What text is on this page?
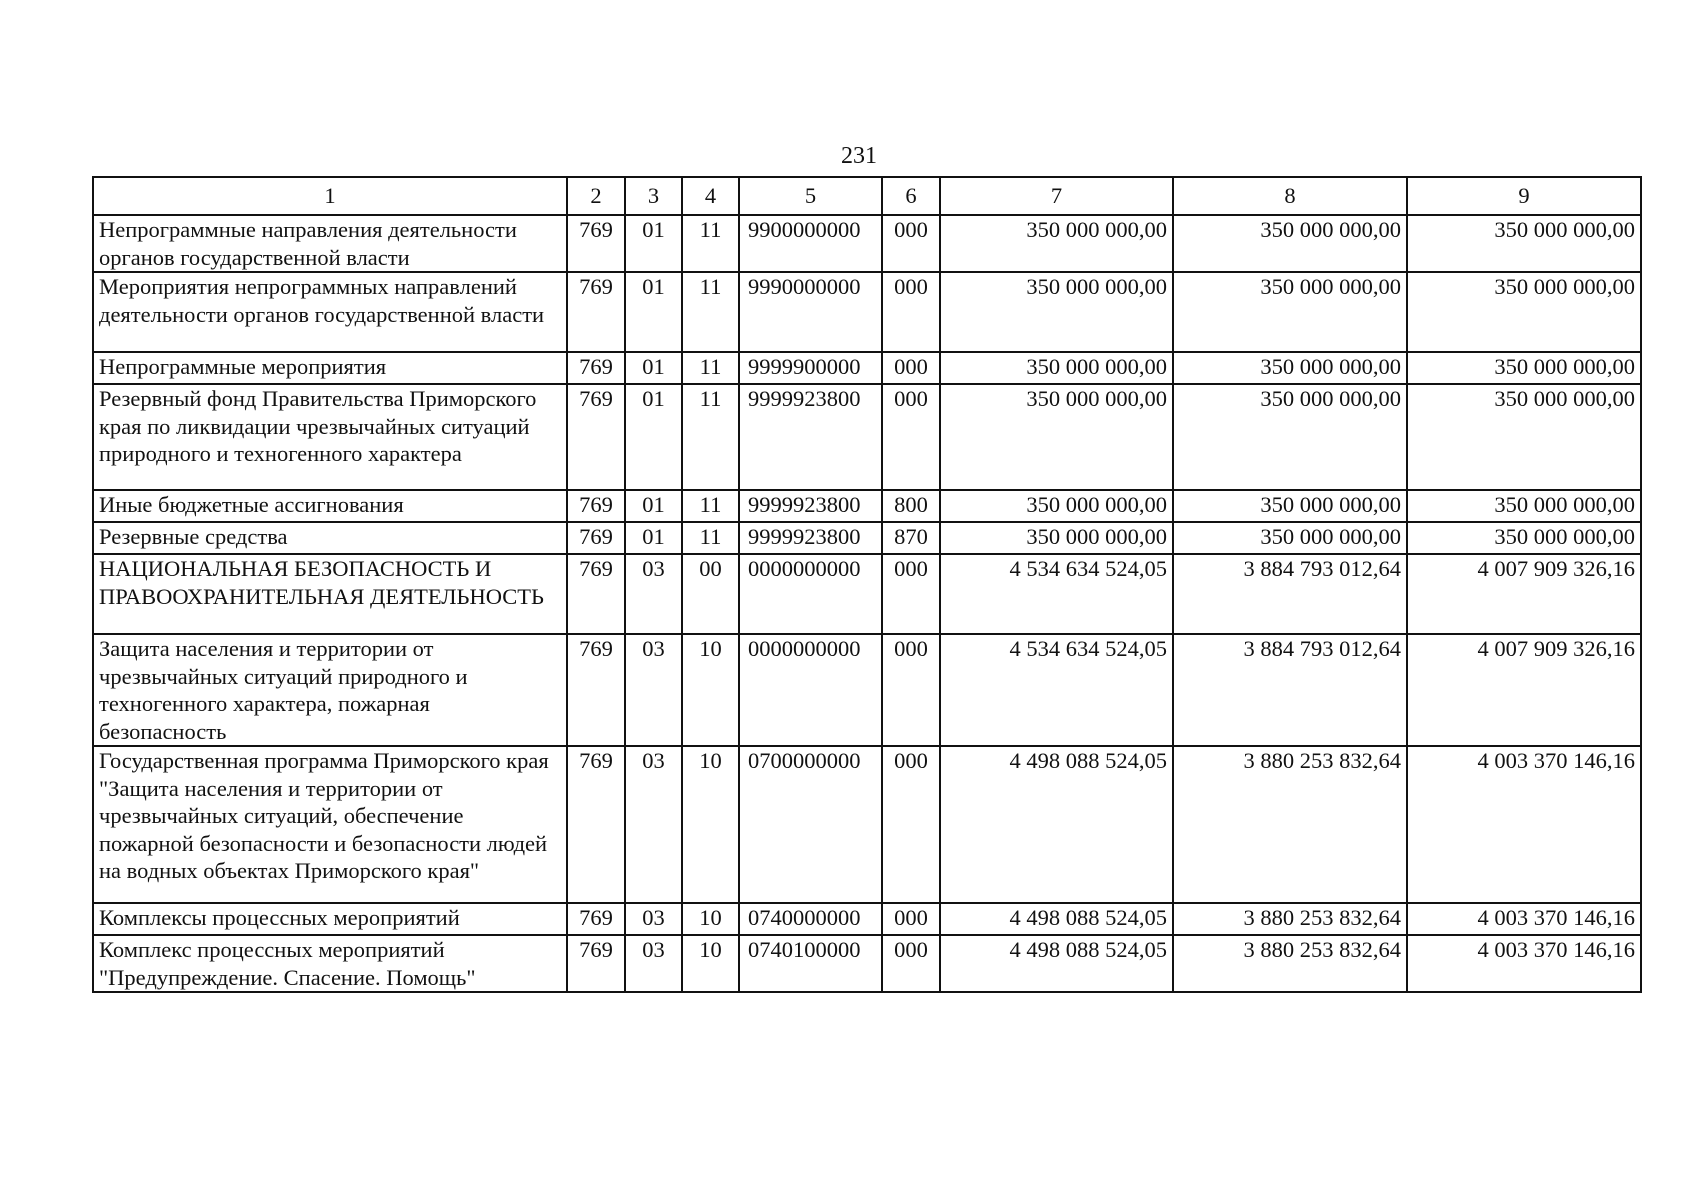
231
1	2	3	4	5	6	7	8	9
Непрограммные направления деятельности органов государственной власти	769	01	11	9900000000	000	350 000 000,00	350 000 000,00	350 000 000,00
Мероприятия непрограммных направлений деятельности органов государственной власти	769	01	11	9990000000	000	350 000 000,00	350 000 000,00	350 000 000,00
Непрограммные мероприятия	769	01	11	9999900000	000	350 000 000,00	350 000 000,00	350 000 000,00
Резервный фонд Правительства Приморского края по ликвидации чрезвычайных ситуаций природного и техногенного характера	769	01	11	9999923800	000	350 000 000,00	350 000 000,00	350 000 000,00
Иные бюджетные ассигнования	769	01	11	9999923800	800	350 000 000,00	350 000 000,00	350 000 000,00
Резервные средства	769	01	11	9999923800	870	350 000 000,00	350 000 000,00	350 000 000,00
НАЦИОНАЛЬНАЯ БЕЗОПАСНОСТЬ И ПРАВООХРАНИТЕЛЬНАЯ ДЕЯТЕЛЬНОСТЬ	769	03	00	0000000000	000	4 534 634 524,05	3 884 793 012,64	4 007 909 326,16
Защита населения и территории от чрезвычайных ситуаций природного и техногенного характера, пожарная безопасность	769	03	10	0000000000	000	4 534 634 524,05	3 884 793 012,64	4 007 909 326,16
Государственная программа Приморского края "Защита населения и территории от чрезвычайных ситуаций, обеспечение пожарной безопасности и безопасности людей на водных объектах Приморского края"	769	03	10	0700000000	000	4 498 088 524,05	3 880 253 832,64	4 003 370 146,16
Комплексы процессных мероприятий	769	03	10	0740000000	000	4 498 088 524,05	3 880 253 832,64	4 003 370 146,16
Комплекс процессных мероприятий "Предупреждение. Спасение. Помощь"	769	03	10	0740100000	000	4 498 088 524,05	3 880 253 832,64	4 003 370 146,16
